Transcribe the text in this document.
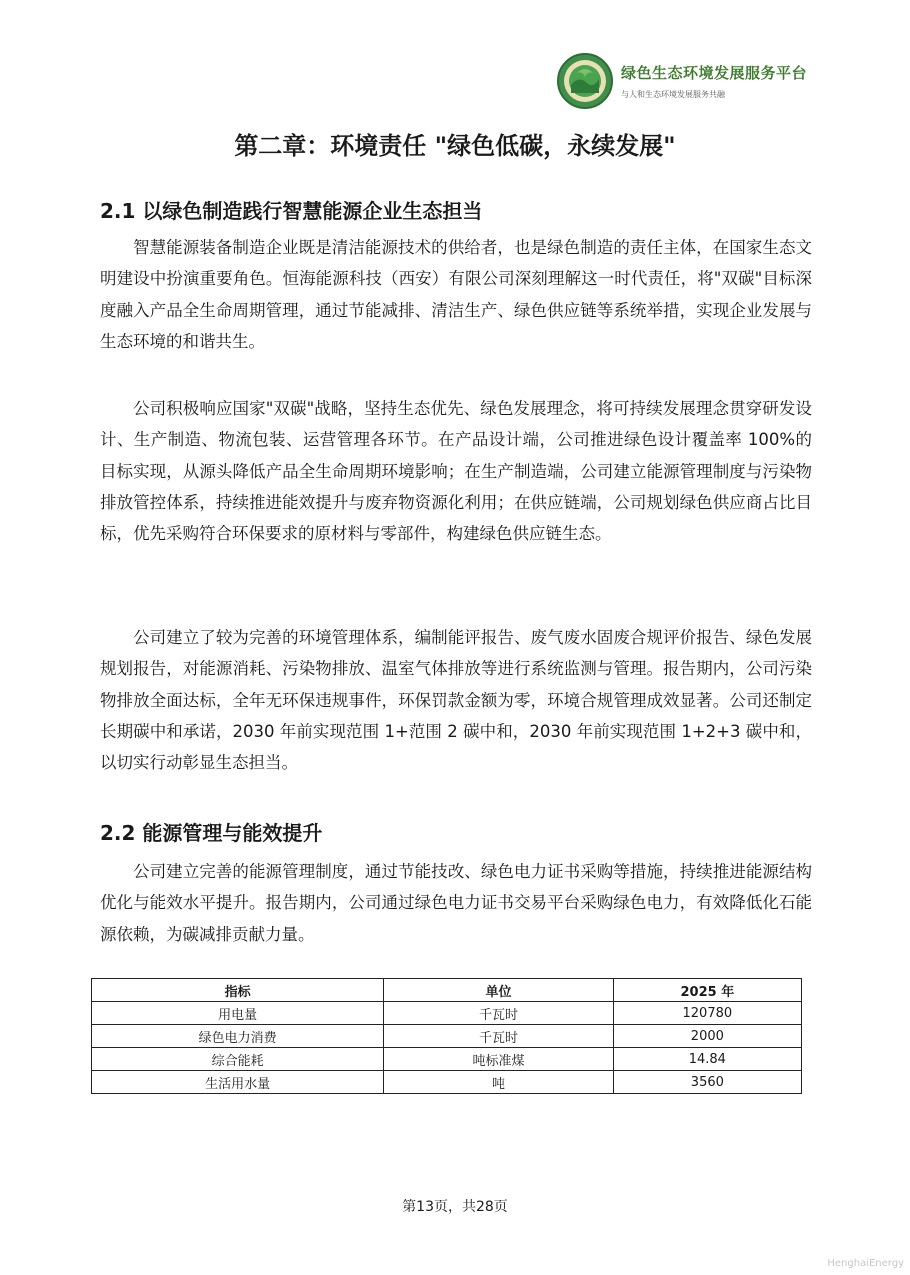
绿色生态环境发展服务平台
与人和生态环境发展服务共融
第二章：环境责任 "绿色低碳，永续发展"
2.1 以绿色制造践行智慧能源企业生态担当

智慧能源装备制造企业既是清洁能源技术的供给者，也是绿色制造的责任主体，在国家生态文明建设中扮演重要角色。恒海能源科技（西安）有限公司深刻理解这一时代责任，将"双碳"目标深度融入产品全生命周期管理，通过节能减排、清洁生产、绿色供应链等系统举措，实现企业发展与生态环境的和谐共生。

公司积极响应国家"双碳"战略，坚持生态优先、绿色发展理念，将可持续发展理念贯穿研发设计、生产制造、物流包装、运营管理各环节。在产品设计端，公司推进绿色设计覆盖率 100%的目标实现，从源头降低产品全生命周期环境影响；在生产制造端，公司建立能源管理制度与污染物排放管控体系，持续推进能效提升与废弃物资源化利用；在供应链端，公司规划绿色供应商占比目标，优先采购符合环保要求的原材料与零部件，构建绿色供应链生态。

公司建立了较为完善的环境管理体系，编制能评报告、废气废水固废合规评价报告、绿色发展规划报告，对能源消耗、污染物排放、温室气体排放等进行系统监测与管理。报告期内，公司污染物排放全面达标，全年无环保违规事件，环保罚款金额为零，环境合规管理成效显著。公司还制定长期碳中和承诺，2030 年前实现范围 1+范围 2 碳中和，2030 年前实现范围 1+2+3 碳中和，以切实行动彰显生态担当。

2.2 能源管理与能效提升

公司建立完善的能源管理制度，通过节能技改、绿色电力证书采购等措施，持续推进能源结构优化与能效水平提升。报告期内，公司通过绿色电力证书交易平台采购绿色电力，有效降低化石能源依赖，为碳减排贡献力量。

指标	单位	2025 年
用电量	千瓦时	120780
绿色电力消费	千瓦时	2000
综合能耗	吨标准煤	14.84
生活用水量	吨	3560
第13页，共28页
HenghaiEnergy
